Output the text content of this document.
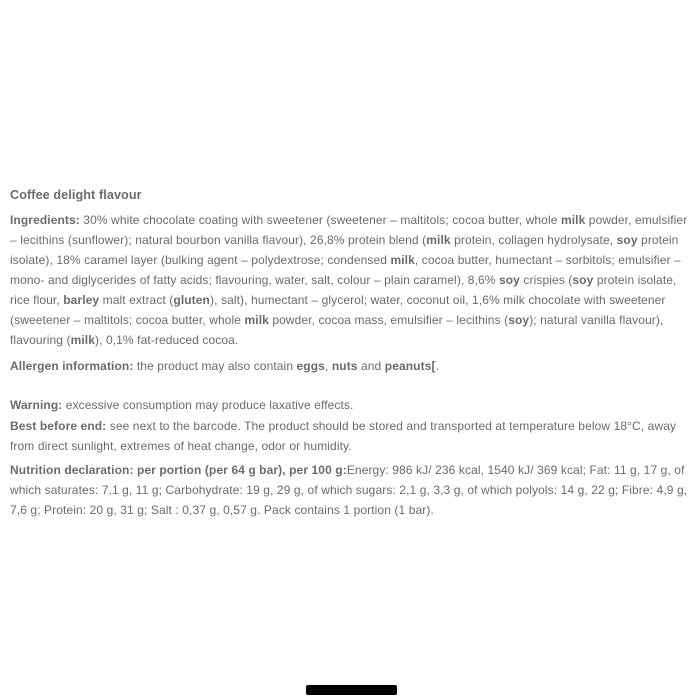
Coffee delight flavour

Ingredients: 30% white chocolate coating with sweetener (sweetener – maltitols; cocoa butter, whole milk powder, emulsifier – lecithins (sunflower); natural bourbon vanilla flavour), 26,8% protein blend (milk protein, collagen hydrolysate, soy protein isolate), 18% caramel layer (bulking agent – polydextrose; condensed milk, cocoa butter, humectant – sorbitols; emulsifier – mono- and diglycerides of fatty acids; flavouring, water, salt, colour – plain caramel), 8,6% soy crispies (soy protein isolate, rice flour, barley malt extract (gluten), salt), humectant – glycerol; water, coconut oil, 1,6% milk chocolate with sweetener (sweetener – maltitols; cocoa butter, whole milk powder, cocoa mass, emulsifier – lecithins (soy); natural vanilla flavour), flavouring (milk), 0,1% fat-reduced cocoa.

Allergen information: the product may also contain eggs, nuts and peanuts[.

Warning: excessive consumption may produce laxative effects.

Best before end: see next to the barcode. The product should be stored and transported at temperature below 18°C, away from direct sunlight, extremes of heat change, odor or humidity.

Nutrition declaration: per portion (per 64 g bar), per 100 g:Energy: 986 kJ/ 236 kcal, 1540 kJ/ 369 kcal; Fat: 11 g, 17 g, of which saturates: 7,1 g, 11 g; Carbohydrate: 19 g, 29 g, of which sugars: 2,1 g, 3,3 g, of which polyols: 14 g, 22 g; Fibre: 4,9 g, 7,6 g; Protein: 20 g, 31 g; Salt : 0,37 g, 0,57 g. Pack contains 1 portion (1 bar).
